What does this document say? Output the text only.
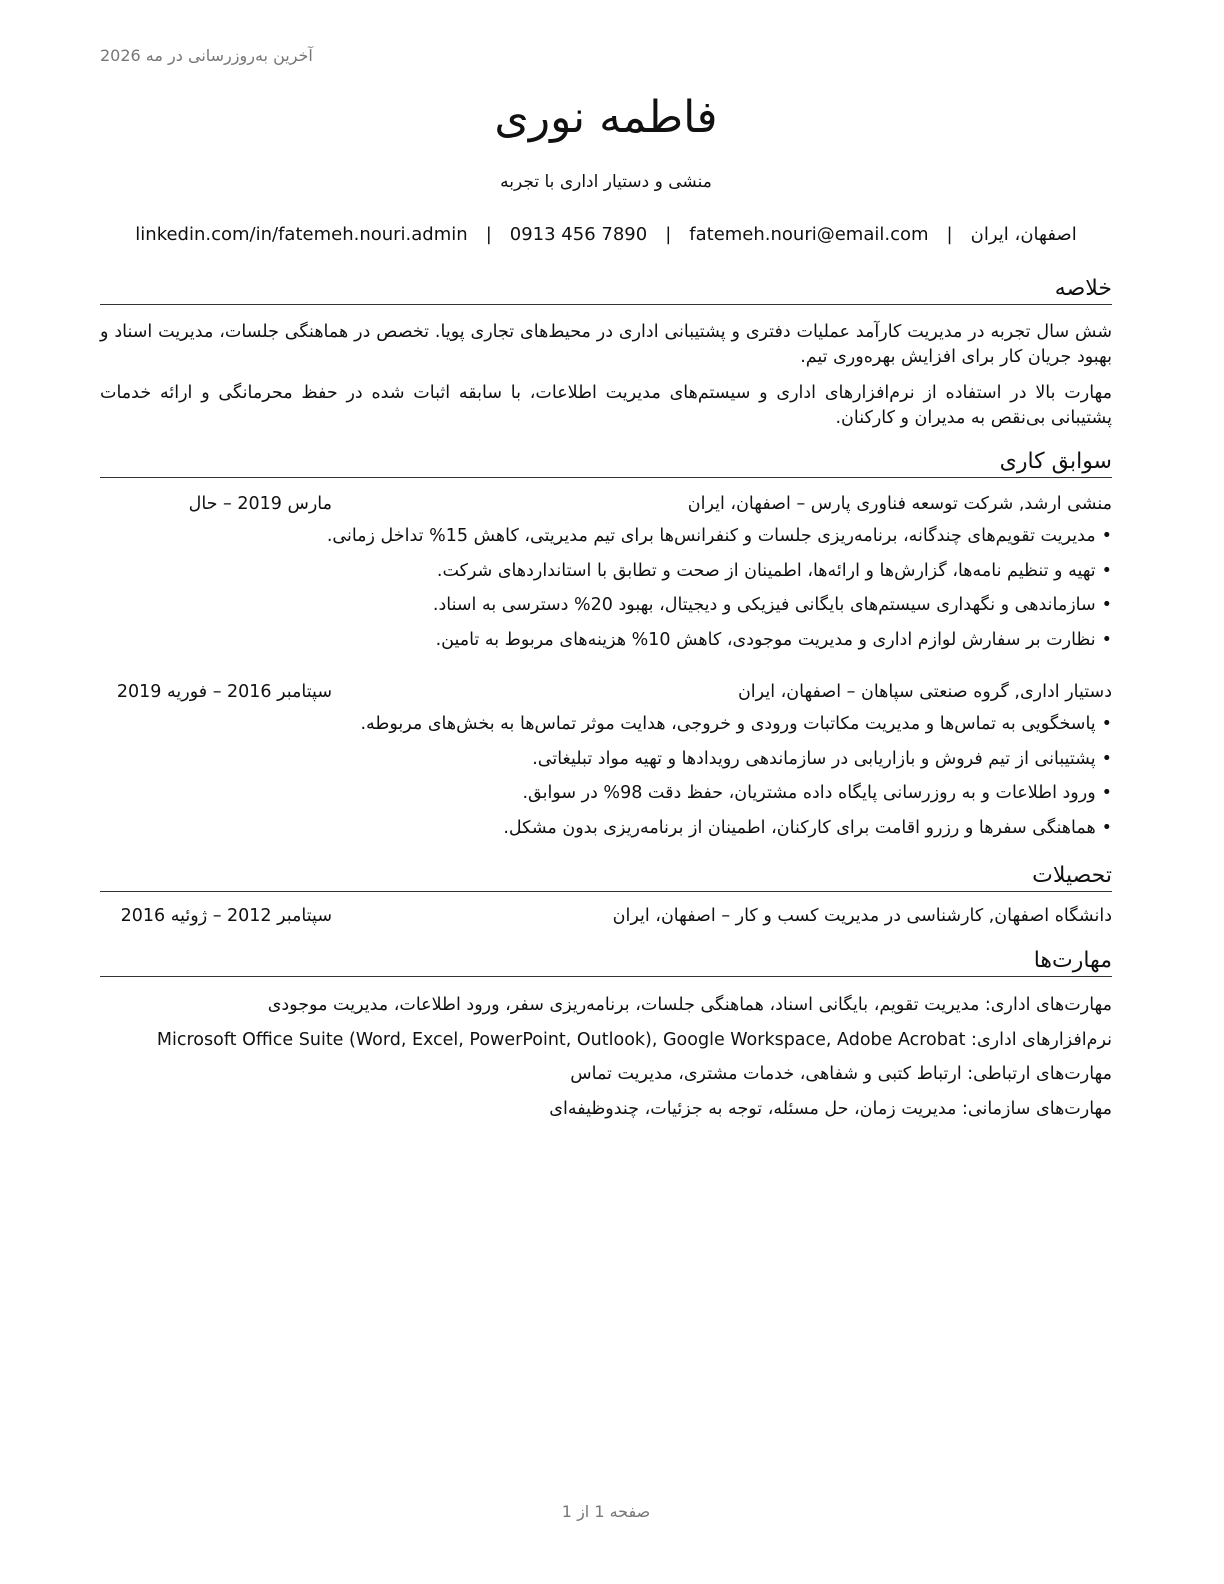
آخرین به‌روزرسانی در مه 2026
فاطمه نوری
منشی و دستیار اداری با تجربه
اصفهان، ایران
|
fatemeh.nouri@email.com
|
0913 456 7890
|
linkedin.com/in/fatemeh.nouri.admin
خلاصه
شش سال تجربه در مدیریت کارآمد عملیات دفتری و پشتیبانی اداری در محیط‌های تجاری پویا. تخصص در هماهنگی جلسات، مدیریت اسناد و بهبود جریان کار برای افزایش بهره‌وری تیم.
مهارت بالا در استفاده از نرم‌افزارهای اداری و سیستم‌های مدیریت اطلاعات، با سابقه اثبات شده در حفظ محرمانگی و ارائه خدمات پشتیبانی بی‌نقص به مدیران و کارکنان.
سوابق کاری
منشی ارشد, شرکت توسعه فناوری پارس – اصفهان، ایران
مارس 2019 – حال
•مدیریت تقویم‌های چندگانه، برنامه‌ریزی جلسات و کنفرانس‌ها برای تیم مدیریتی، کاهش 15% تداخل زمانی.
•تهیه و تنظیم نامه‌ها، گزارش‌ها و ارائه‌ها، اطمینان از صحت و تطابق با استانداردهای شرکت.
•سازماندهی و نگهداری سیستم‌های بایگانی فیزیکی و دیجیتال، بهبود 20% دسترسی به اسناد.
•نظارت بر سفارش لوازم اداری و مدیریت موجودی، کاهش 10% هزینه‌های مربوط به تامین.
دستیار اداری, گروه صنعتی سپاهان – اصفهان، ایران
سپتامبر 2016 – فوریه 2019
•پاسخگویی به تماس‌ها و مدیریت مکاتبات ورودی و خروجی، هدایت موثر تماس‌ها به بخش‌های مربوطه.
•پشتیبانی از تیم فروش و بازاریابی در سازماندهی رویدادها و تهیه مواد تبلیغاتی.
•ورود اطلاعات و به روزرسانی پایگاه داده مشتریان، حفظ دقت 98% در سوابق.
•هماهنگی سفرها و رزرو اقامت برای کارکنان، اطمینان از برنامه‌ریزی بدون مشکل.
تحصیلات
دانشگاه اصفهان, کارشناسی در مدیریت کسب و کار – اصفهان، ایران
سپتامبر 2012 – ژوئیه 2016
مهارت‌ها
مهارت‌های اداری: مدیریت تقویم، بایگانی اسناد، هماهنگی جلسات، برنامه‌ریزی سفر، ورود اطلاعات، مدیریت موجودی
نرم‌افزارهای اداری: Microsoft Office Suite (Word, Excel, PowerPoint, Outlook), Google Workspace, Adobe Acrobat
مهارت‌های ارتباطی: ارتباط کتبی و شفاهی، خدمات مشتری، مدیریت تماس
مهارت‌های سازمانی: مدیریت زمان، حل مسئله، توجه به جزئیات، چندوظیفه‌ای
صفحه 1 از 1
